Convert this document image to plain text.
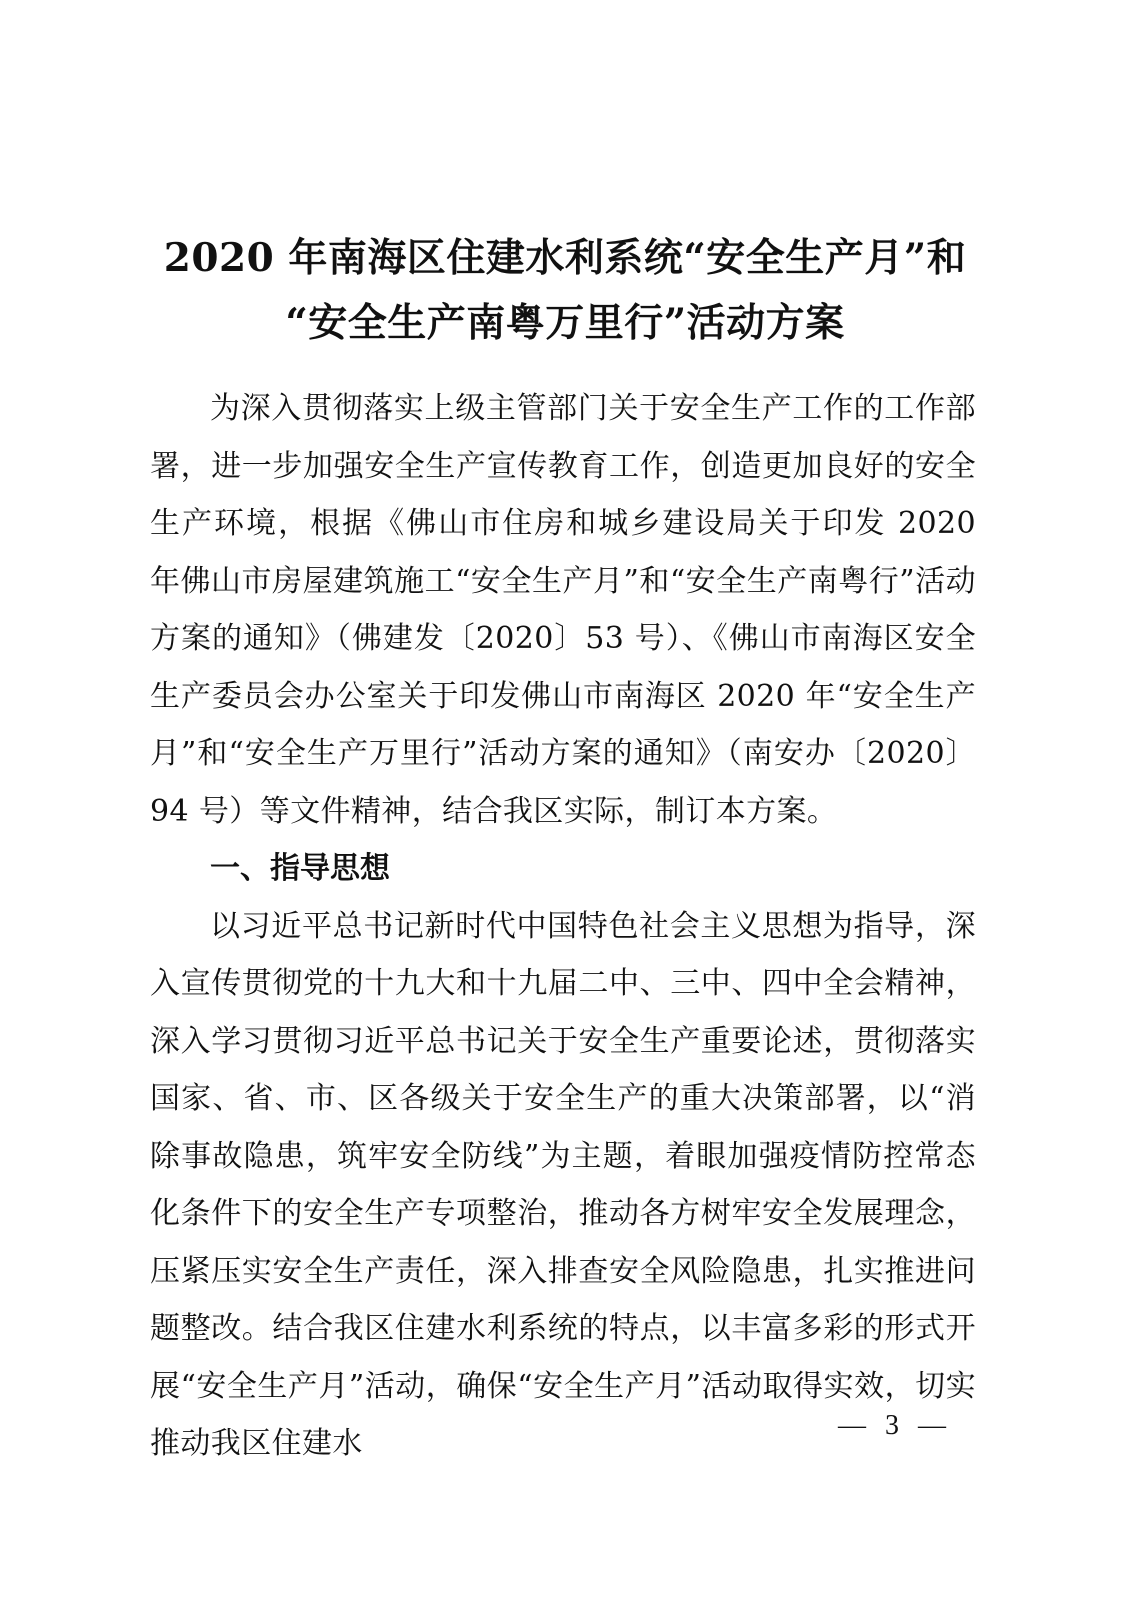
2020 年南海区住建水利系统“安全生产月”和
“安全生产南粤万里行”活动方案

为深入贯彻落实上级主管部门关于安全生产工作的工作部署，进一步加强安全生产宣传教育工作，创造更加良好的安全生产环境，根据《佛山市住房和城乡建设局关于印发 2020 年佛山市房屋建筑施工“安全生产月”和“安全生产南粤行”活动方案的通知》（佛建发〔2020〕53 号）、《佛山市南海区安全生产委员会办公室关于印发佛山市南海区 2020 年“安全生产月”和“安全生产万里行”活动方案的通知》（南安办〔2020〕94 号）等文件精神，结合我区实际，制订本方案。

一、指导思想

以习近平总书记新时代中国特色社会主义思想为指导，深入宣传贯彻党的十九大和十九届二中、三中、四中全会精神，深入学习贯彻习近平总书记关于安全生产重要论述，贯彻落实国家、省、市、区各级关于安全生产的重大决策部署，以“消除事故隐患，筑牢安全防线”为主题，着眼加强疫情防控常态化条件下的安全生产专项整治，推动各方树牢安全发展理念，压紧压实安全生产责任，深入排查安全风险隐患，扎实推进问题整改。结合我区住建水利系统的特点，以丰富多彩的形式开展“安全生产月”活动，确保“安全生产月”活动取得实效，切实推动我区住建水

— 3 —
